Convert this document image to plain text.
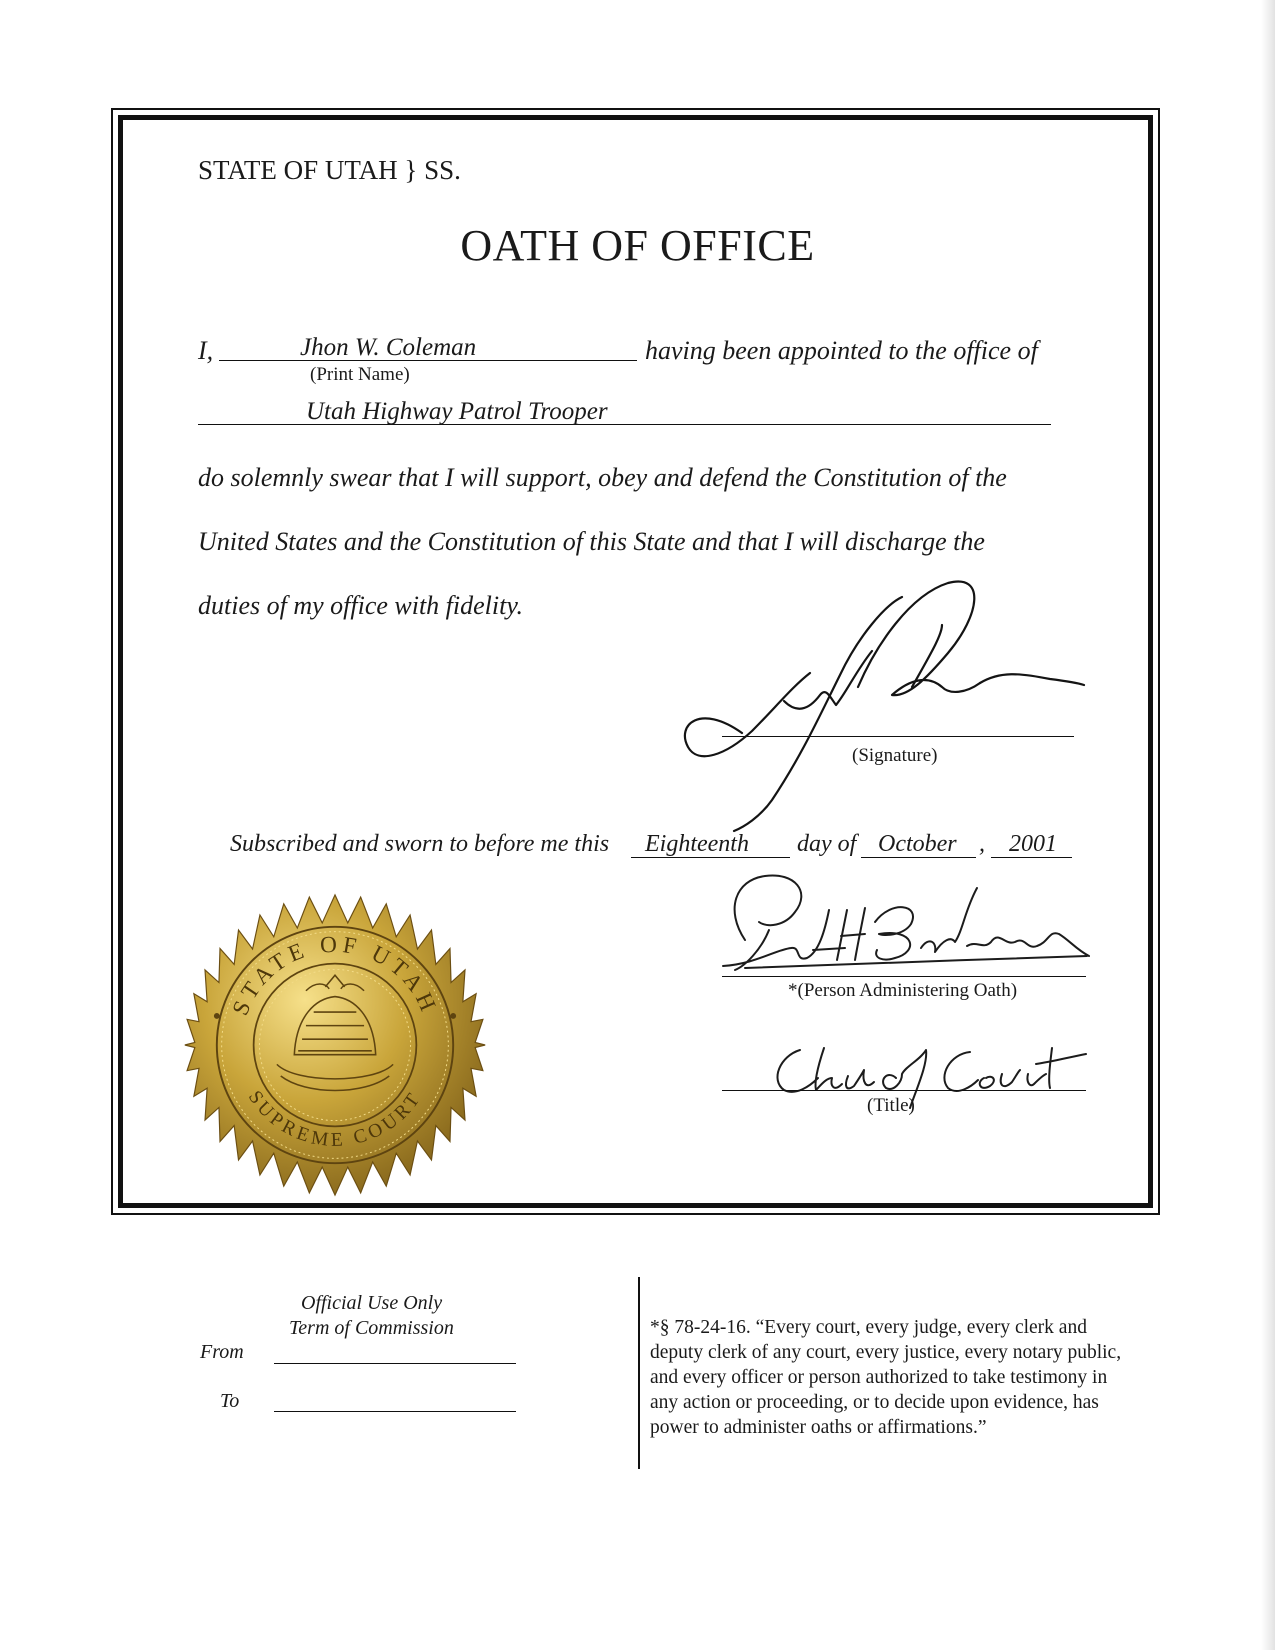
STATE OF UTAH } SS.
OATH OF OFFICE
I,	Jhon W. Coleman	having been appointed to the office of
(Print Name)
Utah Highway Patrol Trooper
do solemnly swear that I will support, obey and defend the Constitution of the
United States and the Constitution of this State and that I will discharge the
duties of my office with fidelity.
(Signature)
Subscribed and sworn to before me this Eighteenth day of October , 2001
*(Person Administering Oath)
(Title)
STATE OF UTAH
SUPREME COURT
Official Use Only
Term of Commission
From
To
*§ 78-24-16. “Every court, every judge, every clerk and deputy clerk of any court, every justice, every notary public, and every officer or person authorized to take testimony in any action or proceeding, or to decide upon evidence, has power to administer oaths or affirmations.”
